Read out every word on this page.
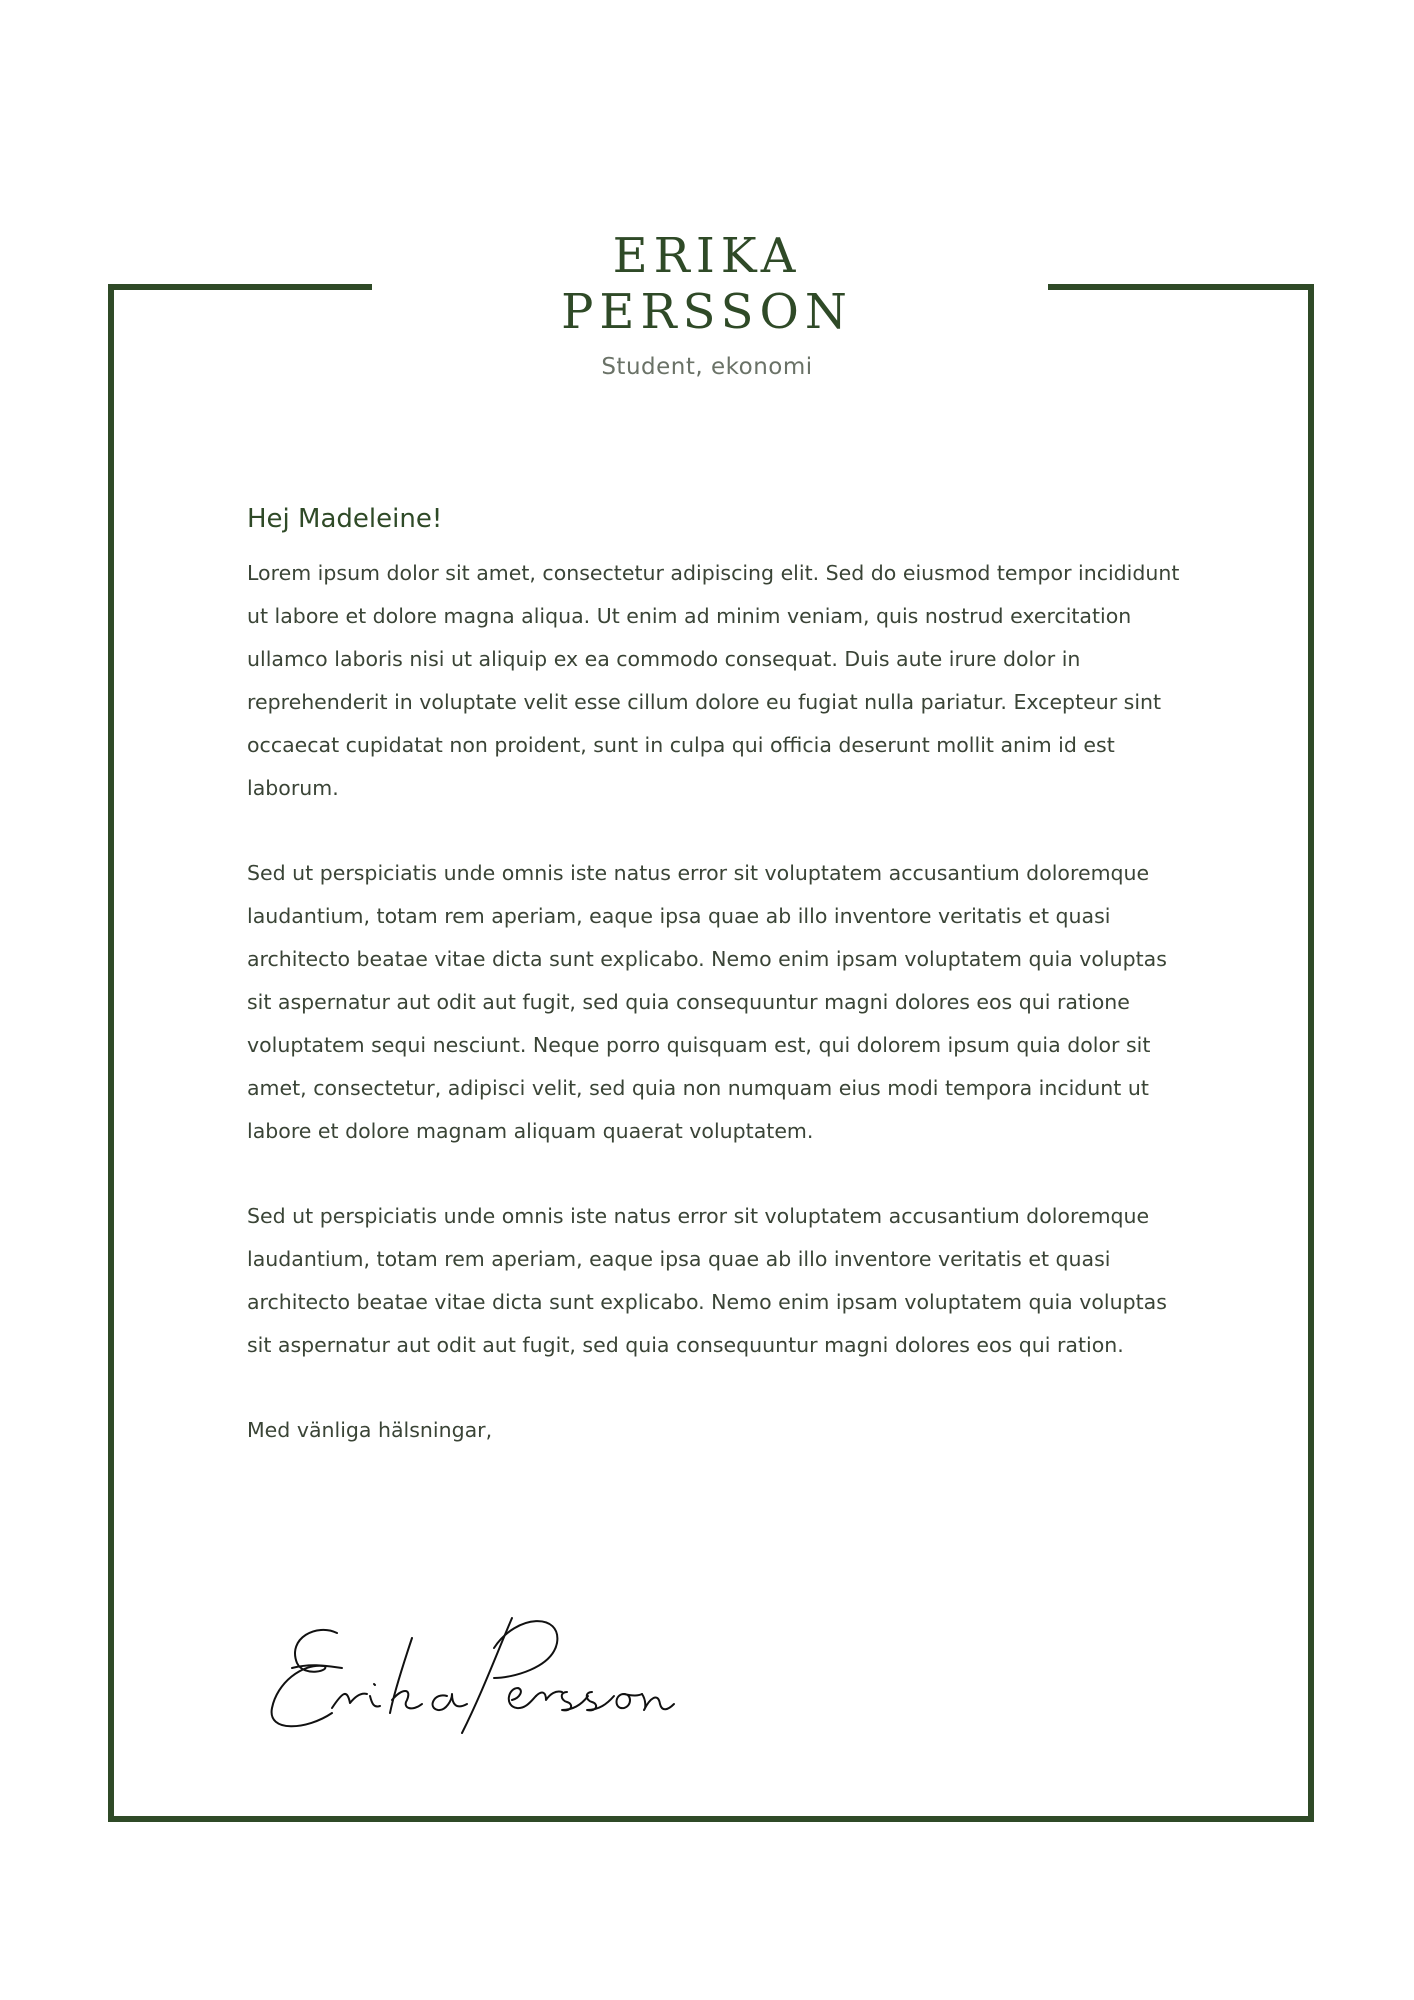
ERIKA
PERSSON
Student, ekonomi

Hej Madeleine!

Lorem ipsum dolor sit amet, consectetur adipiscing elit. Sed do eiusmod tempor incididunt ut labore et dolore magna aliqua. Ut enim ad minim veniam, quis nostrud exercitation ullamco laboris nisi ut aliquip ex ea commodo consequat. Duis aute irure dolor in reprehenderit in voluptate velit esse cillum dolore eu fugiat nulla pariatur. Excepteur sint occaecat cupidatat non proident, sunt in culpa qui officia deserunt mollit anim id est laborum.

Sed ut perspiciatis unde omnis iste natus error sit voluptatem accusantium doloremque laudantium, totam rem aperiam, eaque ipsa quae ab illo inventore veritatis et quasi architecto beatae vitae dicta sunt explicabo. Nemo enim ipsam voluptatem quia voluptas sit aspernatur aut odit aut fugit, sed quia consequuntur magni dolores eos qui ratione voluptatem sequi nesciunt. Neque porro quisquam est, qui dolorem ipsum quia dolor sit amet, consectetur, adipisci velit, sed quia non numquam eius modi tempora incidunt ut labore et dolore magnam aliquam quaerat voluptatem.

Sed ut perspiciatis unde omnis iste natus error sit voluptatem accusantium doloremque laudantium, totam rem aperiam, eaque ipsa quae ab illo inventore veritatis et quasi architecto beatae vitae dicta sunt explicabo. Nemo enim ipsam voluptatem quia voluptas sit aspernatur aut odit aut fugit, sed quia consequuntur magni dolores eos qui ration.

Med vänliga hälsningar,
